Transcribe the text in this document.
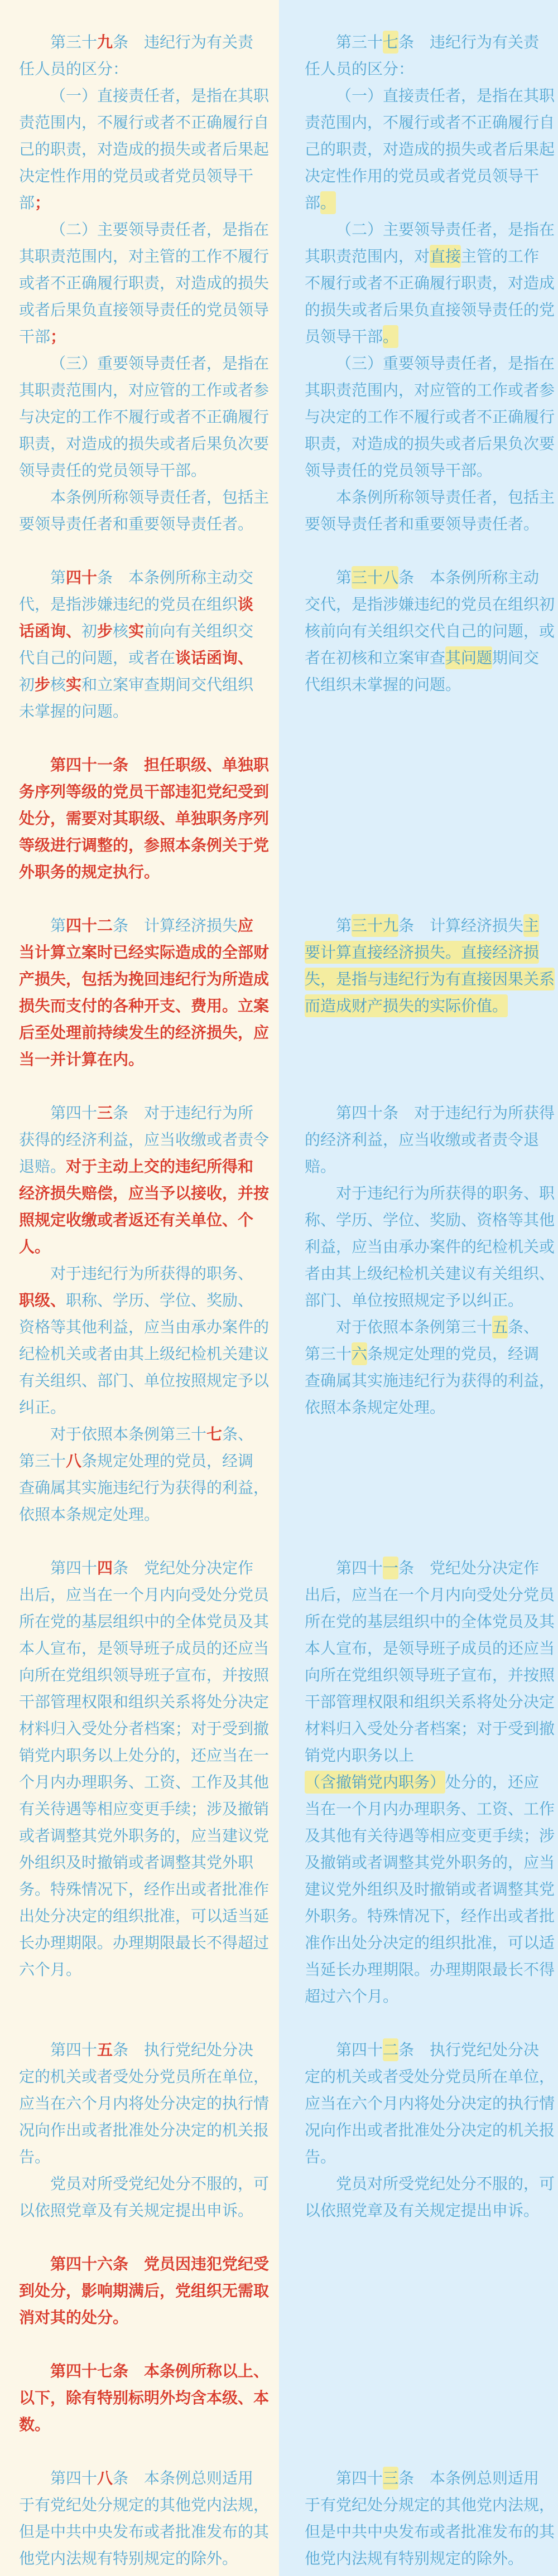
第三十九条　违纪行为有关责任人员的区分：

（一）直接责任者，是指在其职责范围内，不履行或者不正确履行自己的职责，对造成的损失或者后果起决定性作用的党员或者党员领导干部；

（二）主要领导责任者，是指在其职责范围内，对主管的工作不履行或者不正确履行职责，对造成的损失或者后果负直接领导责任的党员领导干部；

（三）重要领导责任者，是指在其职责范围内，对应管的工作或者参与决定的工作不履行或者不正确履行职责，对造成的损失或者后果负次要领导责任的党员领导干部。

本条例所称领导责任者，包括主要领导责任者和重要领导责任者。

第三十七条　违纪行为有关责任人员的区分：

（一）直接责任者，是指在其职责范围内，不履行或者不正确履行自己的职责，对造成的损失或者后果起决定性作用的党员或者党员领导干部。

（二）主要领导责任者，是指在其职责范围内，对直接主管的工作不履行或者不正确履行职责，对造成的损失或者后果负直接领导责任的党员领导干部。

（三）重要领导责任者，是指在其职责范围内，对应管的工作或者参与决定的工作不履行或者不正确履行职责，对造成的损失或者后果负次要领导责任的党员领导干部。

本条例所称领导责任者，包括主要领导责任者和重要领导责任者。

第四十条　本条例所称主动交代，是指涉嫌违纪的党员在组织谈话函询、初步核实前向有关组织交代自己的问题，或者在谈话函询、初步核实和立案审查期间交代组织未掌握的问题。

第三十八条　本条例所称主动交代，是指涉嫌违纪的党员在组织初核前向有关组织交代自己的问题，或者在初核和立案审查其问题期间交代组织未掌握的问题。

第四十一条　担任职级、单独职务序列等级的党员干部违犯党纪受到处分，需要对其职级、单独职务序列等级进行调整的，参照本条例关于党外职务的规定执行。

第四十二条　计算经济损失应当计算立案时已经实际造成的全部财产损失，包括为挽回违纪行为所造成损失而支付的各种开支、费用。立案后至处理前持续发生的经济损失，应当一并计算在内。

第三十九条　计算经济损失主要计算直接经济损失。直接经济损失，是指与违纪行为有直接因果关系而造成财产损失的实际价值。

第四十三条　对于违纪行为所获得的经济利益，应当收缴或者责令退赔。对于主动上交的违纪所得和经济损失赔偿，应当予以接收，并按照规定收缴或者返还有关单位、个人。

对于违纪行为所获得的职务、职级、职称、学历、学位、奖励、资格等其他利益，应当由承办案件的纪检机关或者由其上级纪检机关建议有关组织、部门、单位按照规定予以纠正。

对于依照本条例第三十七条、第三十八条规定处理的党员，经调查确属其实施违纪行为获得的利益，依照本条规定处理。

第四十条　对于违纪行为所获得的经济利益，应当收缴或者责令退赔。

对于违纪行为所获得的职务、职称、学历、学位、奖励、资格等其他利益，应当由承办案件的纪检机关或者由其上级纪检机关建议有关组织、部门、单位按照规定予以纠正。

对于依照本条例第三十五条、第三十六条规定处理的党员，经调查确属其实施违纪行为获得的利益，依照本条规定处理。

第四十四条　党纪处分决定作出后，应当在一个月内向受处分党员所在党的基层组织中的全体党员及其本人宣布，是领导班子成员的还应当向所在党组织领导班子宣布，并按照干部管理权限和组织关系将处分决定材料归入受处分者档案；对于受到撤销党内职务以上处分的，还应当在一个月内办理职务、工资、工作及其他有关待遇等相应变更手续；涉及撤销或者调整其党外职务的，应当建议党外组织及时撤销或者调整其党外职务。特殊情况下，经作出或者批准作出处分决定的组织批准，可以适当延长办理期限。办理期限最长不得超过六个月。

第四十一条　党纪处分决定作出后，应当在一个月内向受处分党员所在党的基层组织中的全体党员及其本人宣布，是领导班子成员的还应当向所在党组织领导班子宣布，并按照干部管理权限和组织关系将处分决定材料归入受处分者档案；对于受到撤销党内职务以上（含撤销党内职务）处分的，还应当在一个月内办理职务、工资、工作及其他有关待遇等相应变更手续；涉及撤销或者调整其党外职务的，应当建议党外组织及时撤销或者调整其党外职务。特殊情况下，经作出或者批准作出处分决定的组织批准，可以适当延长办理期限。办理期限最长不得超过六个月。

第四十五条　执行党纪处分决定的机关或者受处分党员所在单位，应当在六个月内将处分决定的执行情况向作出或者批准处分决定的机关报告。

党员对所受党纪处分不服的，可以依照党章及有关规定提出申诉。

第四十二条　执行党纪处分决定的机关或者受处分党员所在单位，应当在六个月内将处分决定的执行情况向作出或者批准处分决定的机关报告。

党员对所受党纪处分不服的，可以依照党章及有关规定提出申诉。

第四十六条　党员因违犯党纪受到处分，影响期满后，党组织无需取消对其的处分。

第四十七条　本条例所称以上、以下，除有特别标明外均含本级、本数。

第四十八条　本条例总则适用于有党纪处分规定的其他党内法规，但是中共中央发布或者批准发布的其他党内法规有特别规定的除外。

第四十三条　本条例总则适用于有党纪处分规定的其他党内法规，但是中共中央发布或者批准发布的其他党内法规有特别规定的除外。
